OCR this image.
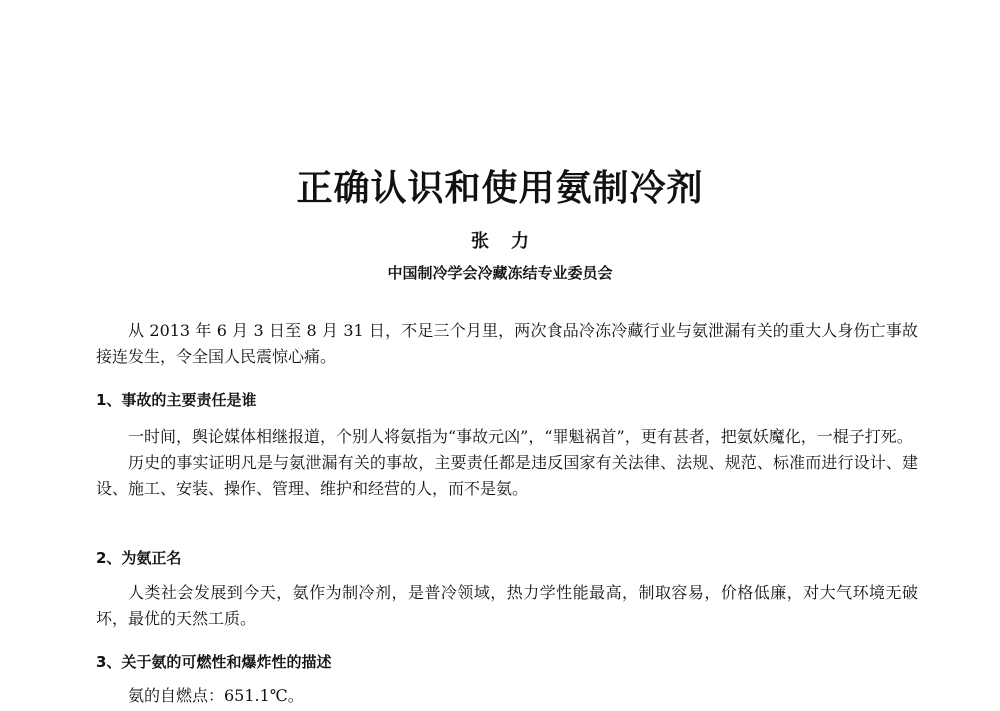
正确认识和使用氨制冷剂
张力
中国制冷学会冷藏冻结专业委员会

从 2013 年 6 月 3 日至 8 月 31 日，不足三个月里，两次食品冷冻冷藏行业与氨泄漏有关的重大人身伤亡事故接连发生，令全国人民震惊心痛。

1、事故的主要责任是谁

一时间，舆论媒体相继报道，个别人将氨指为“事故元凶”，“罪魁祸首”，更有甚者，把氨妖魔化，一棍子打死。

历史的事实证明凡是与氨泄漏有关的事故，主要责任都是违反国家有关法律、法规、规范、标准而进行设计、建设、施工、安装、操作、管理、维护和经营的人，而不是氨。

2、为氨正名

人类社会发展到今天，氨作为制冷剂，是普冷领域，热力学性能最高，制取容易，价格低廉，对大气环境无破坏，最优的天然工质。

3、关于氨的可燃性和爆炸性的描述

氨的自燃点：651.1℃。
